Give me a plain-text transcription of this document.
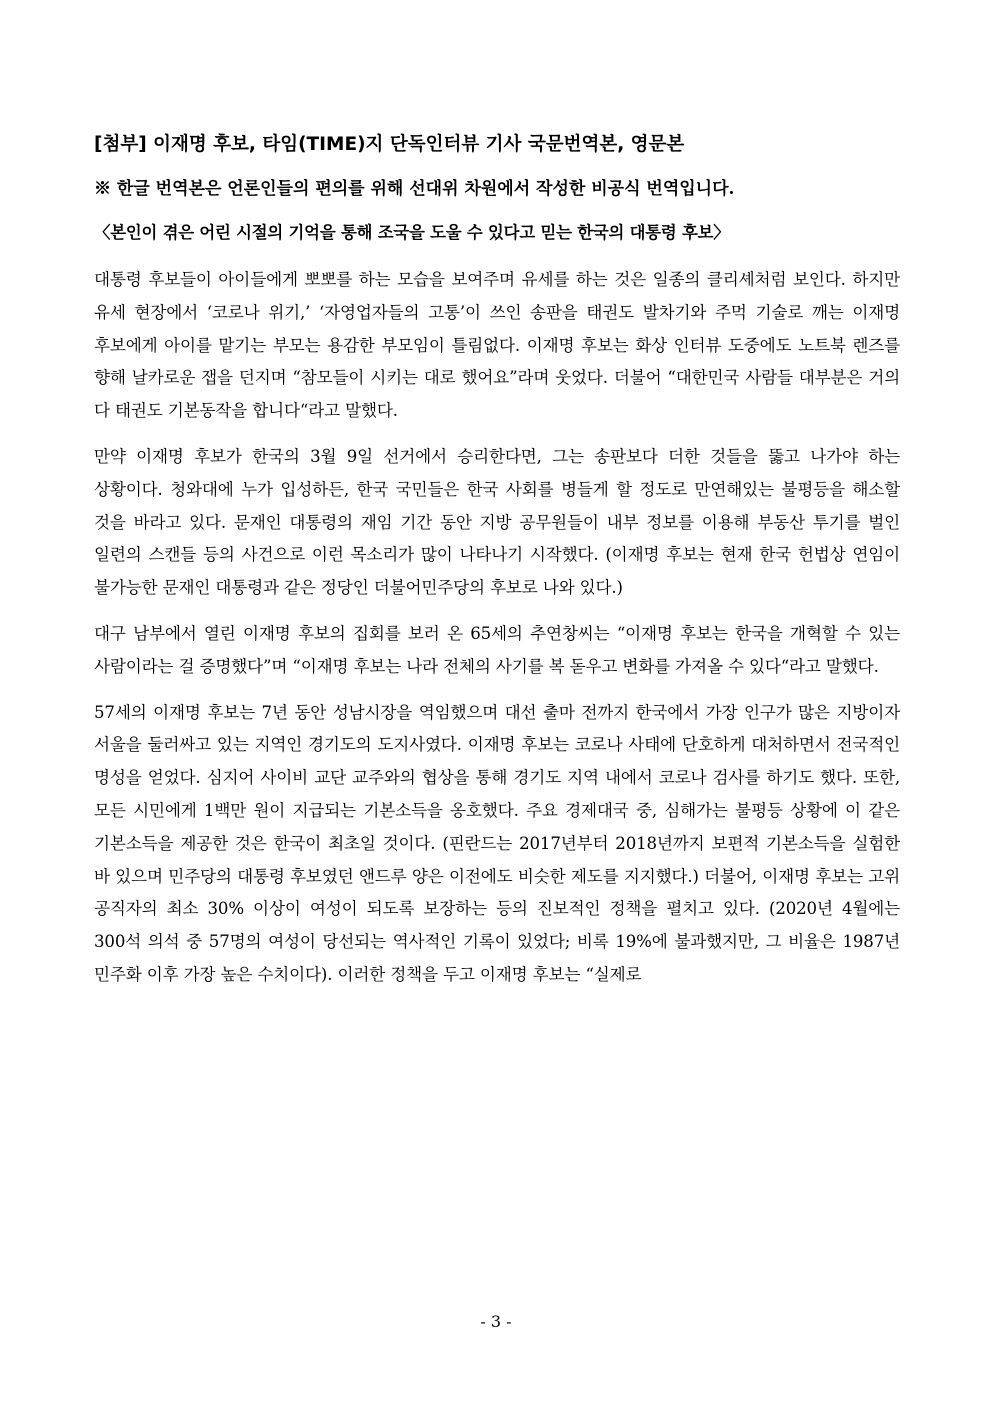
[첨부] 이재명 후보, 타임(TIME)지 단독인터뷰 기사 국문번역본, 영문본
※ 한글 번역본은 언론인들의 편의를 위해 선대위 차원에서 작성한 비공식 번역입니다.
〈본인이 겪은 어린 시절의 기억을 통해 조국을 도울 수 있다고 믿는 한국의 대통령 후보〉

대통령 후보들이 아이들에게 뽀뽀를 하는 모습을 보여주며 유세를 하는 것은 일종의 클리셰처럼 보인다. 하지만 유세 현장에서 ‘코로나 위기,’ ‘자영업자들의 고통’이 쓰인 송판을 태권도 발차기와 주먹 기술로 깨는 이재명 후보에게 아이를 맡기는 부모는 용감한 부모임이 틀림없다. 이재명 후보는 화상 인터뷰 도중에도 노트북 렌즈를 향해 날카로운 잽을 던지며 “참모들이 시키는 대로 했어요”라며 웃었다. 더불어 “대한민국 사람들 대부분은 거의 다 태권도 기본동작을 합니다“라고 말했다.

만약 이재명 후보가 한국의 3월 9일 선거에서 승리한다면, 그는 송판보다 더한 것들을 뚫고 나가야 하는 상황이다. 청와대에 누가 입성하든, 한국 국민들은 한국 사회를 병들게 할 정도로 만연해있는 불평등을 해소할 것을 바라고 있다. 문재인 대통령의 재임 기간 동안 지방 공무원들이 내부 정보를 이용해 부동산 투기를 벌인 일련의 스캔들 등의 사건으로 이런 목소리가 많이 나타나기 시작했다. (이재명 후보는 현재 한국 헌법상 연임이 불가능한 문재인 대통령과 같은 정당인 더불어민주당의 후보로 나와 있다.)

대구 남부에서 열린 이재명 후보의 집회를 보러 온 65세의 추연창씨는 “이재명 후보는 한국을 개혁할 수 있는 사람이라는 걸 증명했다”며 “이재명 후보는 나라 전체의 사기를 복 돋우고 변화를 가져올 수 있다“라고 말했다.

57세의 이재명 후보는 7년 동안 성남시장을 역임했으며 대선 출마 전까지 한국에서 가장 인구가 많은 지방이자 서울을 둘러싸고 있는 지역인 경기도의 도지사였다. 이재명 후보는 코로나 사태에 단호하게 대처하면서 전국적인 명성을 얻었다. 심지어 사이비 교단 교주와의 협상을 통해 경기도 지역 내에서 코로나 검사를 하기도 했다. 또한, 모든 시민에게 1백만 원이 지급되는 기본소득을 옹호했다. 주요 경제대국 중, 심해가는 불평등 상황에 이 같은 기본소득을 제공한 것은 한국이 최초일 것이다. (핀란드는 2017년부터 2018년까지 보편적 기본소득을 실험한 바 있으며 민주당의 대통령 후보였던 앤드루 양은 이전에도 비슷한 제도를 지지했다.) 더불어, 이재명 후보는 고위 공직자의 최소 30% 이상이 여성이 되도록 보장하는 등의 진보적인 정책을 펼치고 있다. (2020년 4월에는 300석 의석 중 57명의 여성이 당선되는 역사적인 기록이 있었다; 비록 19%에 불과했지만, 그 비율은 1987년 민주화 이후 가장 높은 수치이다). 이러한 정책을 두고 이재명 후보는 “실제로

- 3 -
